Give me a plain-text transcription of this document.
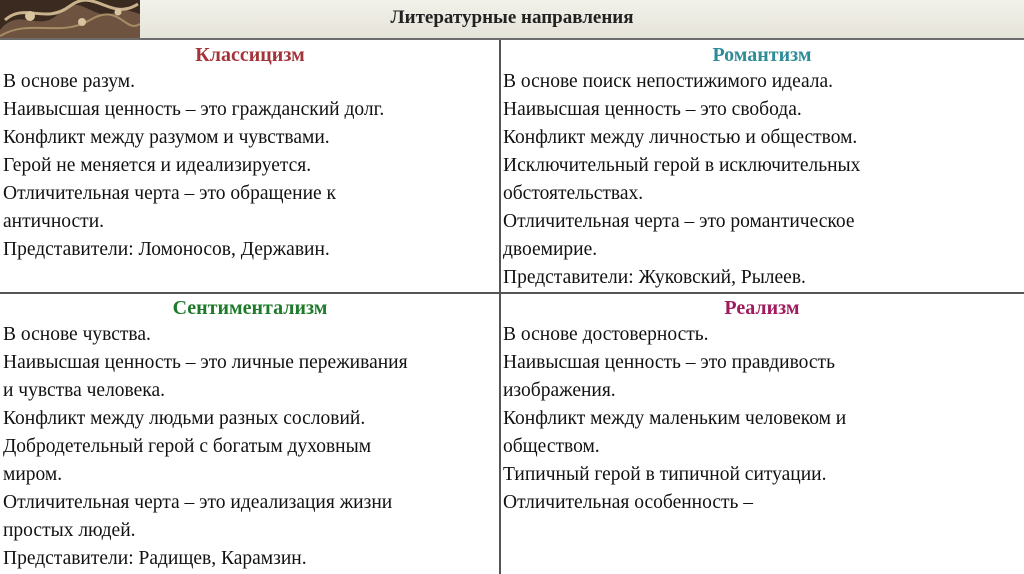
Литературные направления
Классицизм
В основе разум.
Наивысшая ценность – это гражданский долг.
Конфликт между разумом и чувствами.
Герой не меняется и идеализируется.
Отличительная черта – это обращение к
античности.
Представители: Ломоносов, Державин.
Романтизм
В основе поиск непостижимого идеала.
Наивысшая ценность – это свобода.
Конфликт между личностью и обществом.
Исключительный герой в исключительных
обстоятельствах.
Отличительная черта – это романтическое
двоемирие.
Представители: Жуковский, Рылеев.
Сентиментализм
В основе чувства.
Наивысшая ценность – это личные переживания
и чувства человека.
Конфликт между людьми разных сословий.
Добродетельный герой с богатым духовным
миром.
Отличительная черта – это идеализация жизни
простых людей.
Представители: Радищев, Карамзин.
Реализм
В основе достоверность.
Наивысшая ценность – это правдивость
изображения.
Конфликт между маленьким человеком и
обществом.
Типичный герой в типичной ситуации.
Отличительная особенность –
